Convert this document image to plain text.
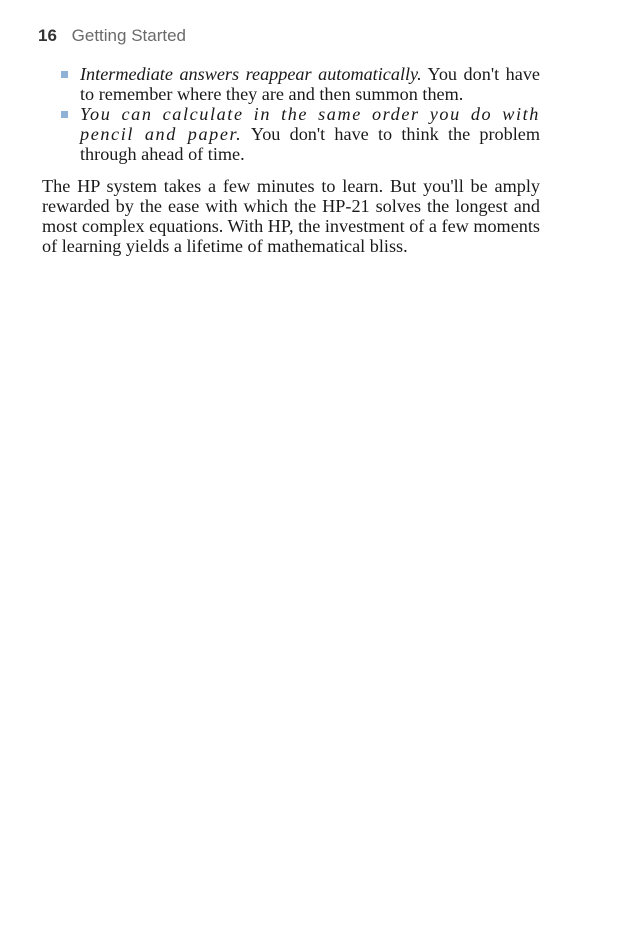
16 Getting Started
Intermediate answers reappear automatically. You don't have to remember where they are and then summon them.
You can calculate in the same order you do with pencil and paper. You don't have to think the problem through ahead of time.

The HP system takes a few minutes to learn. But you'll be amply rewarded by the ease with which the HP-21 solves the longest and most complex equations. With HP, the investment of a few moments of learning yields a lifetime of mathematical bliss.
